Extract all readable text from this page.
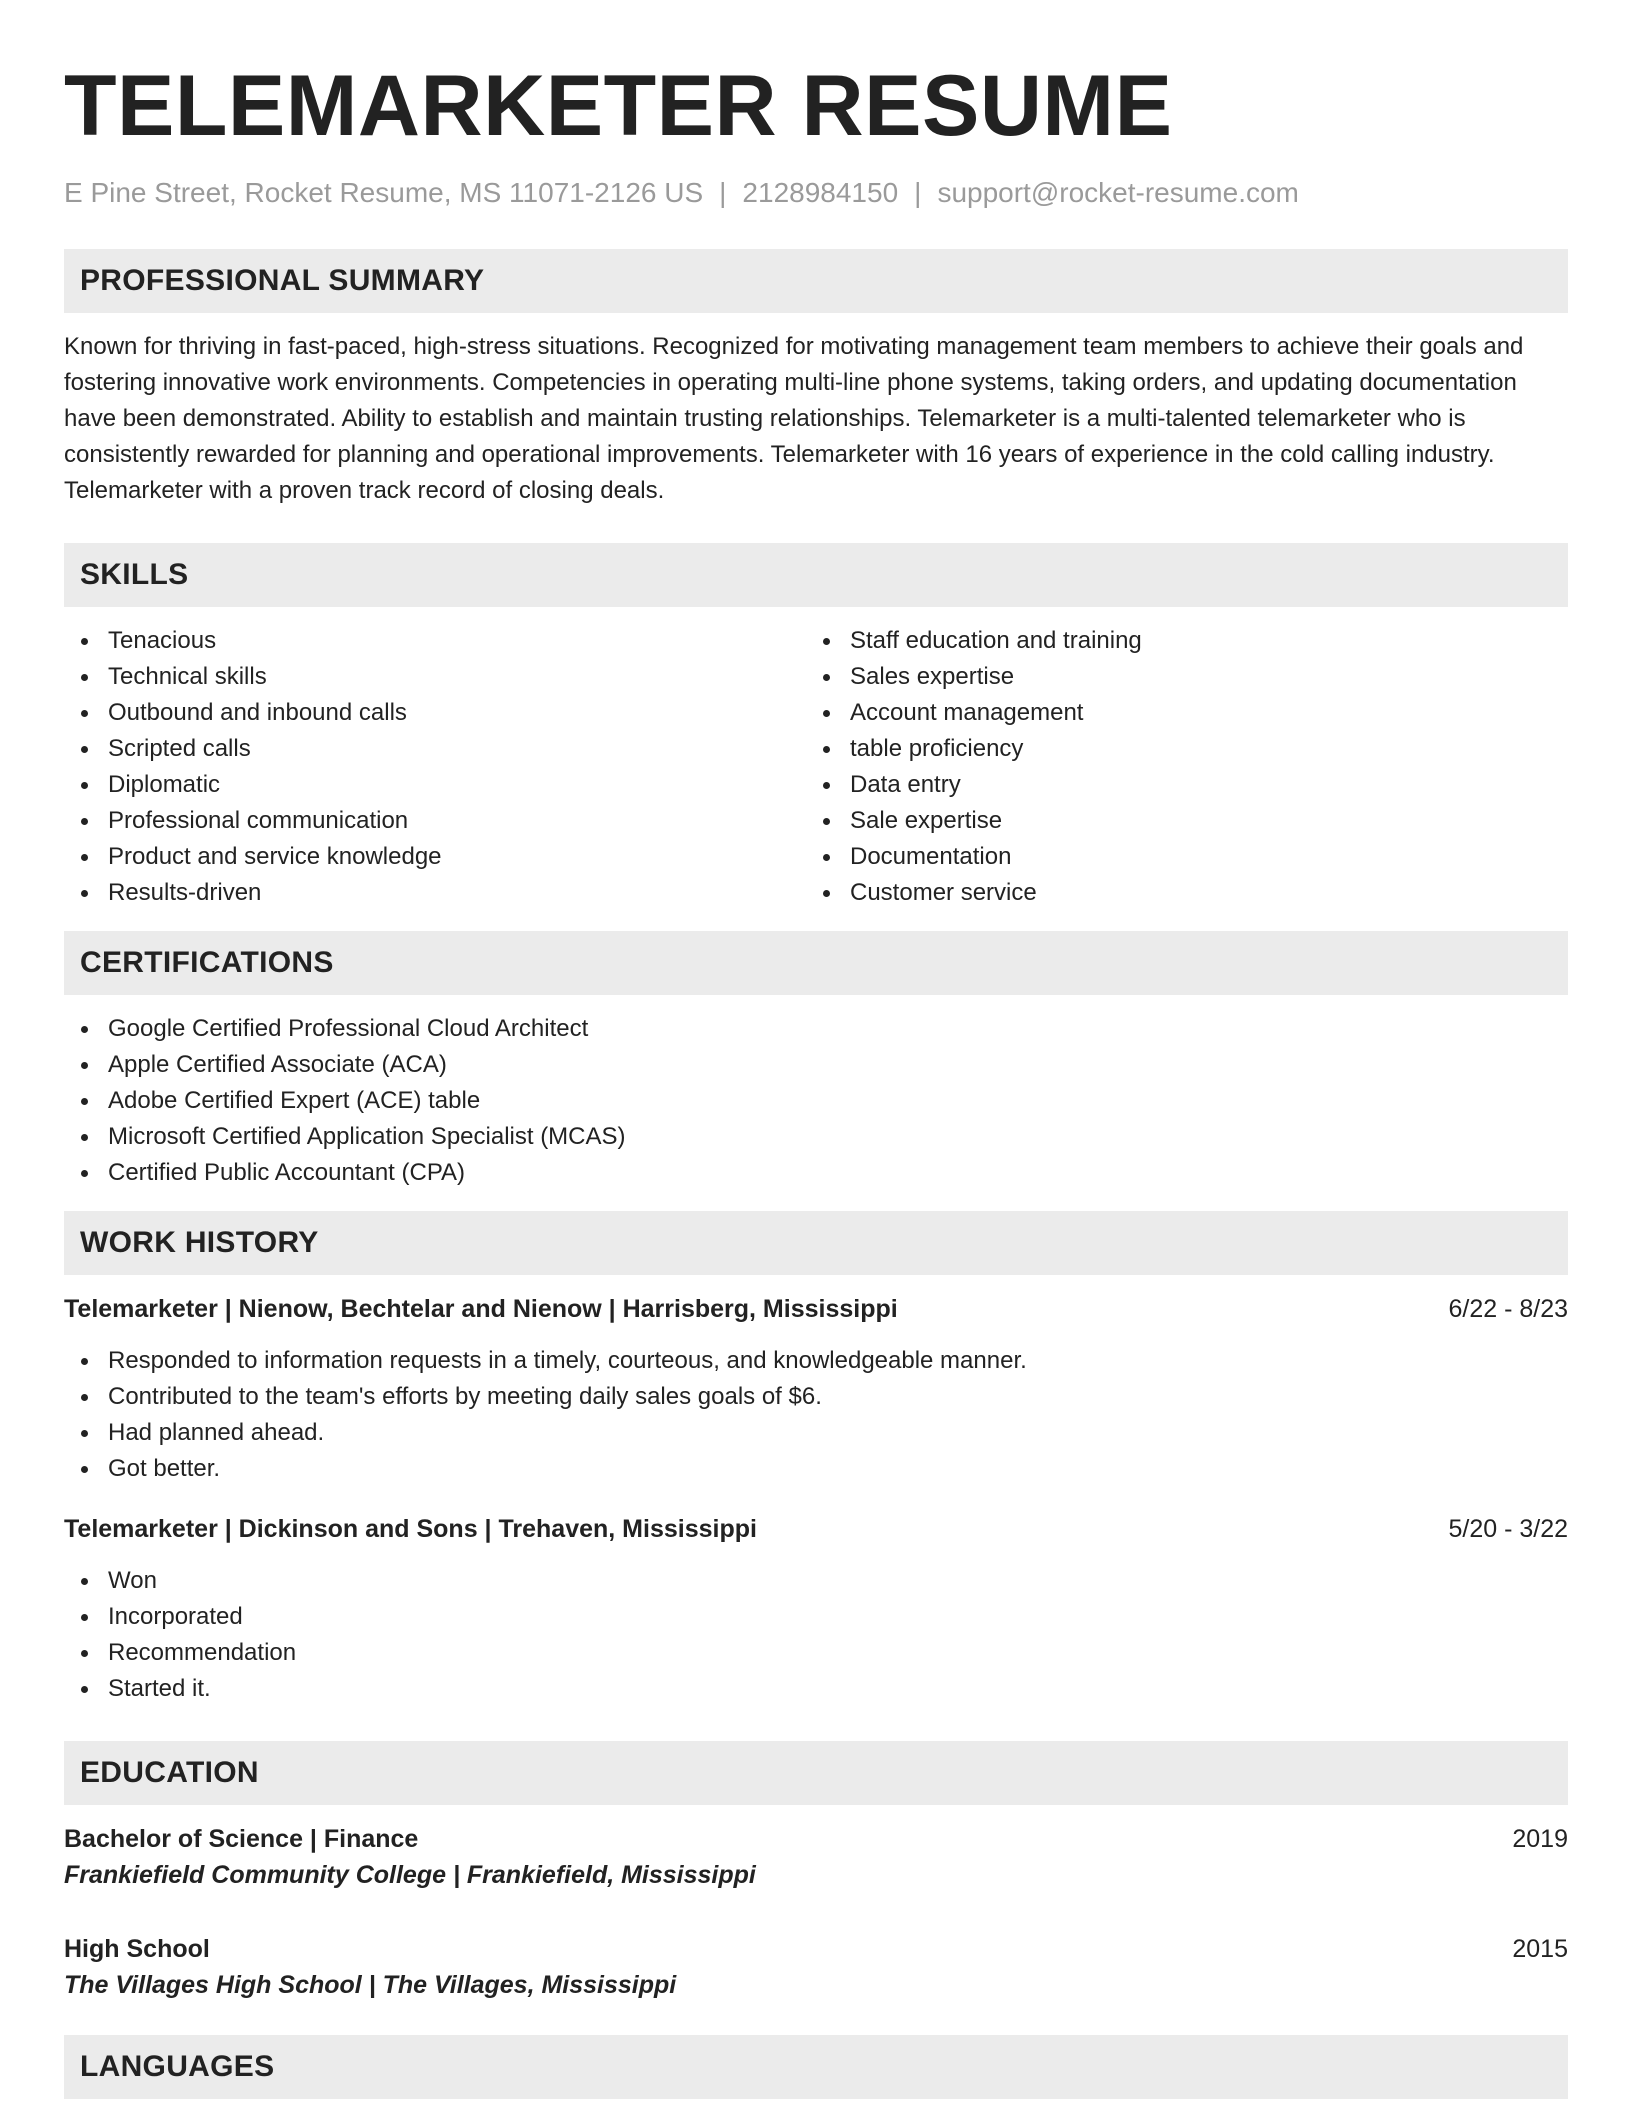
TELEMARKETER RESUME
E Pine Street, Rocket Resume, MS 11071-2126 US | 2128984150 | support@rocket-resume.com
PROFESSIONAL SUMMARY

Known for thriving in fast-paced, high-stress situations. Recognized for motivating management team members to achieve their goals and fostering innovative work environments. Competencies in operating multi-line phone systems, taking orders, and updating documentation have been demonstrated. Ability to establish and maintain trusting relationships. Telemarketer is a multi-talented telemarketer who is consistently rewarded for planning and operational improvements. Telemarketer with 16 years of experience in the cold calling industry. Telemarketer with a proven track record of closing deals.

SKILLS
Tenacious
Technical skills
Outbound and inbound calls
Scripted calls
Diplomatic
Professional communication
Product and service knowledge
Results-driven
Staff education and training
Sales expertise
Account management
table proficiency
Data entry
Sale expertise
Documentation
Customer service
CERTIFICATIONS
Google Certified Professional Cloud Architect
Apple Certified Associate (ACA)
Adobe Certified Expert (ACE) table
Microsoft Certified Application Specialist (MCAS)
Certified Public Accountant (CPA)
WORK HISTORY
Telemarketer | Nienow, Bechtelar and Nienow | Harrisberg, Mississippi	6/22 - 8/23
Responded to information requests in a timely, courteous, and knowledgeable manner.
Contributed to the team's efforts by meeting daily sales goals of $6.
Had planned ahead.
Got better.
Telemarketer | Dickinson and Sons | Trehaven, Mississippi	5/20 - 3/22
Won
Incorporated
Recommendation
Started it.
EDUCATION
Bachelor of Science | Finance	2019
Frankiefield Community College | Frankiefield, Mississippi
High School	2015
The Villages High School | The Villages, Mississippi
LANGUAGES
